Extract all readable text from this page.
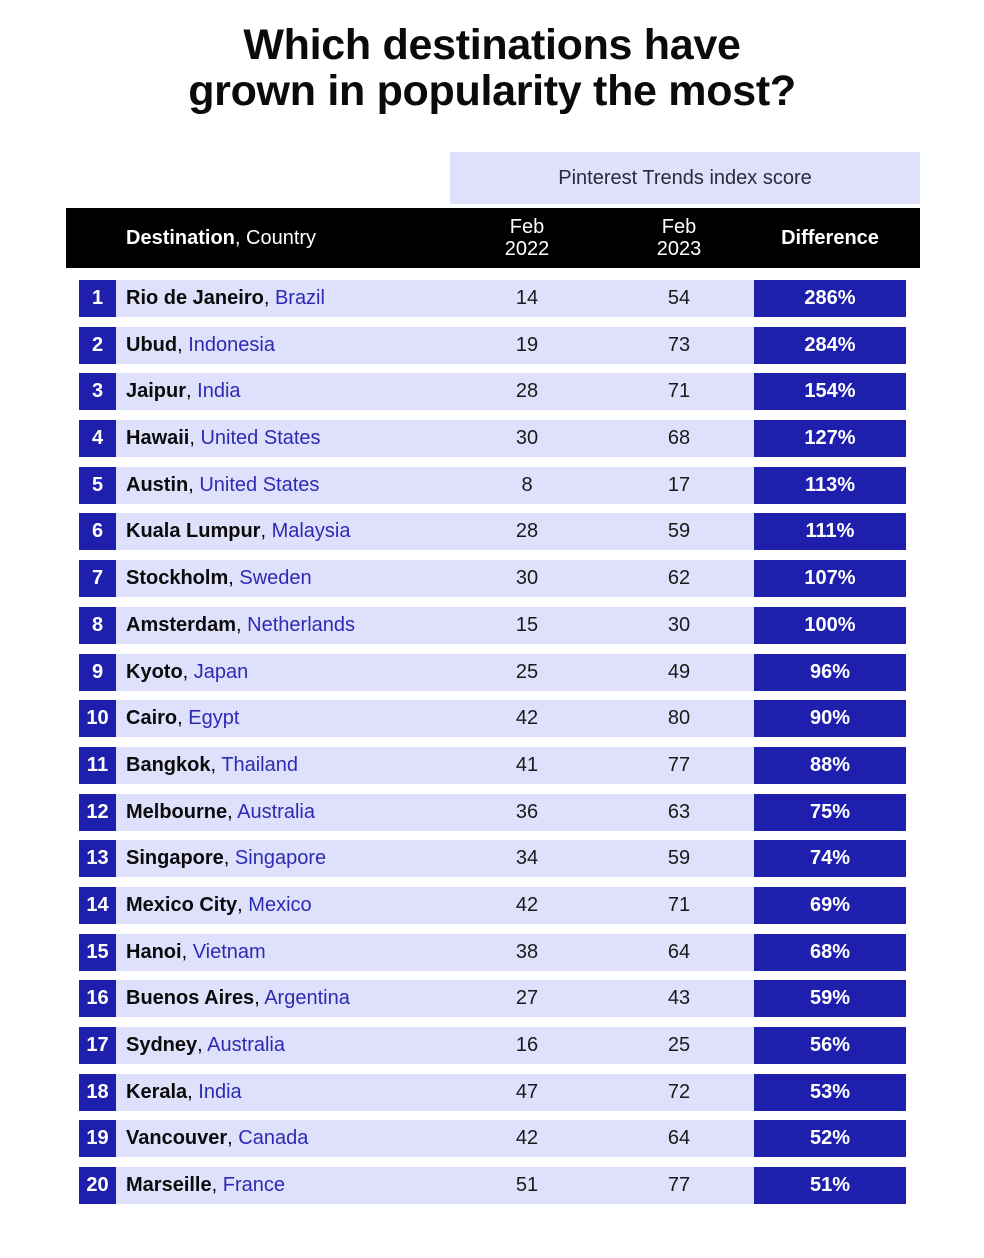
Which destinations have
grown in popularity the most?
Pinterest Trends index score
Destination, Country	Feb
2022
Feb
2023	Difference
1	Rio de Janeiro, Brazil	14	54	286%
2	Ubud, Indonesia	19	73	284%
3	Jaipur, India	28	71	154%
4	Hawaii, United States	30	68	127%
5	Austin, United States	8	17	113%
6	Kuala Lumpur, Malaysia	28	59	111%
7	Stockholm, Sweden	30	62	107%
8	Amsterdam, Netherlands	15	30	100%
9	Kyoto, Japan	25	49	96%
10 Cairo, Egypt	42	80	90%
11 Bangkok, Thailand	41	77	88%
12 Melbourne, Australia	36	63	75%
13 Singapore, Singapore	34	59	74%
14 Mexico City, Mexico	42	71	69%
15 Hanoi, Vietnam	38	64	68%
16 Buenos Aires, Argentina	27	43	59%
17 Sydney, Australia	16	25	56%
18 Kerala, India	47	72	53%
19 Vancouver, Canada	42	64	52%
20 Marseille, France	51	77	51%
